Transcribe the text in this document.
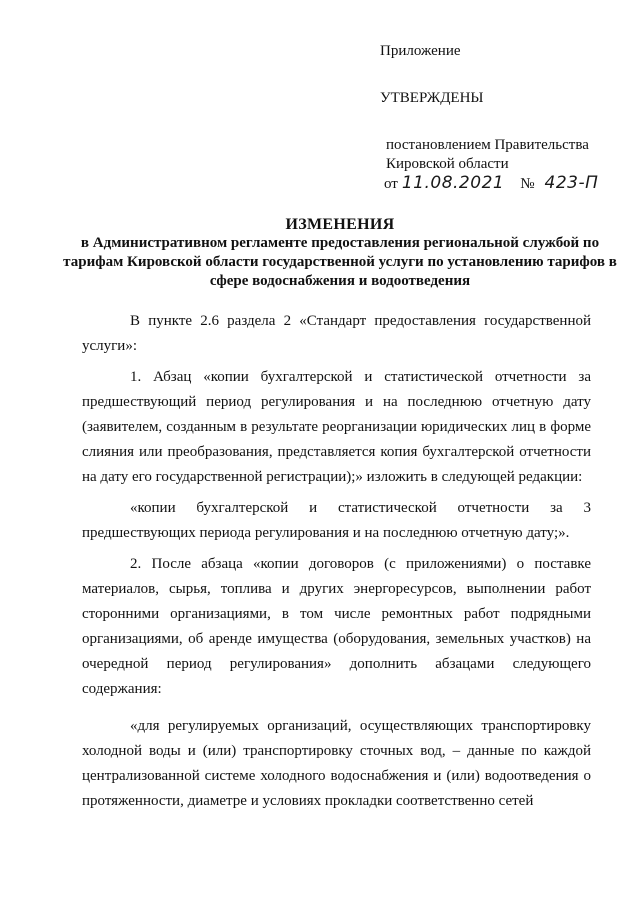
Приложение

УТВЕРЖДЕНЫ

постановлением Правительства

Кировской области

от 11.08.2021 № 423-П

ИЗМЕНЕНИЯ

в Административном регламенте предоставления региональной службой по тарифам Кировской области государственной услуги по установлению тарифов в сфере водоснабжения и водоотведения

В пункте 2.6 раздела 2 «Стандарт предоставления государственной услуги»:

1. Абзац «копии бухгалтерской и статистической отчетности за предшествующий период регулирования и на последнюю отчетную дату (заявителем, созданным в результате реорганизации юридических лиц в форме слияния или преобразования, представляется копия бухгалтерской отчетности на дату его государственной регистрации);» изложить в следующей редакции:

«копии бухгалтерской и статистической отчетности за 3 предшествующих периода регулирования и на последнюю отчетную дату;».

2. После абзаца «копии договоров (с приложениями) о поставке материалов, сырья, топлива и других энергоресурсов, выполнении работ сторонними организациями, в том числе ремонтных работ подрядными организациями, об аренде имущества (оборудования, земельных участков) на очередной период регулирования» дополнить абзацами следующего содержания:

«для регулируемых организаций, осуществляющих транспортировку холодной воды и (или) транспортировку сточных вод, – данные по каждой централизованной системе холодного водоснабжения и (или) водоотведения о протяженности, диаметре и условиях прокладки соответственно сетей
